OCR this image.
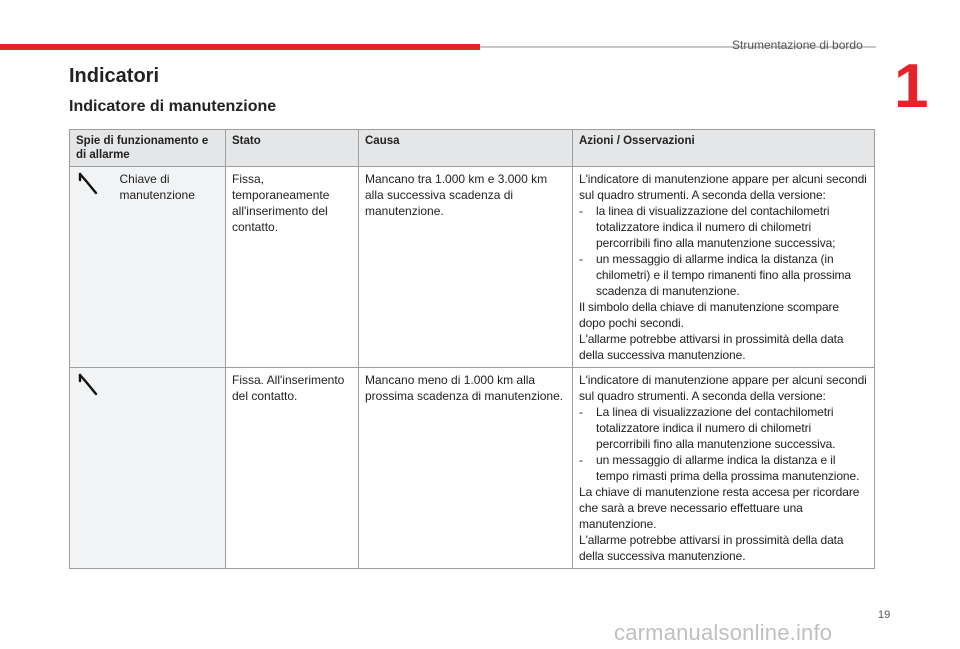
Strumentazione di bordo
1
Indicatori
Indicatore di manutenzione
Spie di funzionamento e di allarme		Stato	Causa	Azioni / Osservazioni
	Chiave di manutenzione	Fissa, temporaneamente all'inserimento del contatto.	Mancano tra 1.000 km e 3.000 km alla successiva scadenza di manutenzione.	L'indicatore di manutenzione appare per alcuni secondi sul quadro strumenti. A seconda della versione:

- la linea di visualizzazione del contachilometri totalizzatore indica il numero di chilometri percorribili fino alla manutenzione successiva;

- un messaggio di allarme indica la distanza (in chilometri) e il tempo rimanenti fino alla prossima scadenza di manutenzione.

Il simbolo della chiave di manutenzione scompare dopo pochi secondi.

L'allarme potrebbe attivarsi in prossimità della data della successiva manutenzione.

		Fissa. All'inserimento del contatto.	Mancano meno di 1.000 km alla prossima scadenza di manutenzione.	L'indicatore di manutenzione appare per alcuni secondi sul quadro strumenti. A seconda della versione:

- La linea di visualizzazione del contachilometri totalizzatore indica il numero di chilometri percorribili fino alla manutenzione successiva.

- un messaggio di allarme indica la distanza e il tempo rimasti prima della prossima manutenzione.

La chiave di manutenzione resta accesa per ricordare che sarà a breve necessario effettuare una manutenzione.

L'allarme potrebbe attivarsi in prossimità della data della successiva manutenzione.

19
carmanualsonline.info
